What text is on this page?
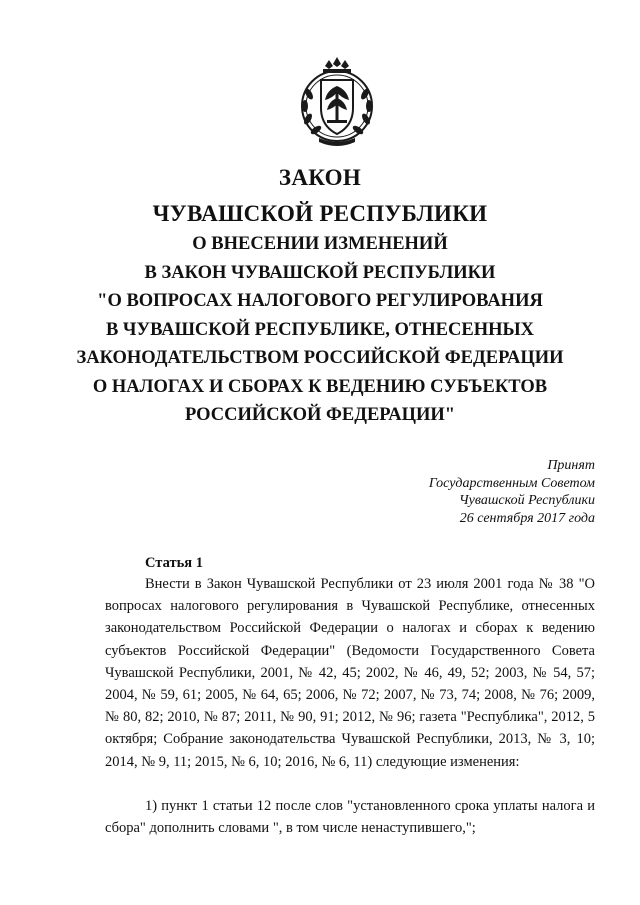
ЗАКОН
ЧУВАШСКОЙ РЕСПУБЛИКИ
О ВНЕСЕНИИ ИЗМЕНЕНИЙ
В ЗАКОН ЧУВАШСКОЙ РЕСПУБЛИКИ
"О ВОПРОСАХ НАЛОГОВОГО РЕГУЛИРОВАНИЯ
В ЧУВАШСКОЙ РЕСПУБЛИКЕ, ОТНЕСЕННЫХ
ЗАКОНОДАТЕЛЬСТВОМ РОССИЙСКОЙ ФЕДЕРАЦИИ
О НАЛОГАХ И СБОРАХ К ВЕДЕНИЮ СУБЪЕКТОВ
РОССИЙСКОЙ ФЕДЕРАЦИИ"
Принят
Государственным Советом
Чувашской Республики
26 сентября 2017 года
Статья 1

Внести в Закон Чувашской Республики от 23 июля 2001 года № 38 "О вопросах налогового регулирования в Чувашской Республике, отнесенных законодательством Российской Федерации о налогах и сборах к ведению субъектов Российской Федерации" (Ведомости Государственного Совета Чувашской Республики, 2001, № 42, 45; 2002, № 46, 49, 52; 2003, № 54, 57; 2004, № 59, 61; 2005, № 64, 65; 2006, № 72; 2007, № 73, 74; 2008, № 76; 2009, № 80, 82; 2010, № 87; 2011, № 90, 91; 2012, № 96; газета "Республика", 2012, 5 октября; Собрание законодательства Чувашской Республики, 2013, № 3, 10; 2014, № 9, 11; 2015, № 6, 10; 2016, № 6, 11) следующие изменения:

1) пункт 1 статьи 12 после слов "установленного срока уплаты налога и сбора" дополнить словами ", в том числе ненаступившего,";
